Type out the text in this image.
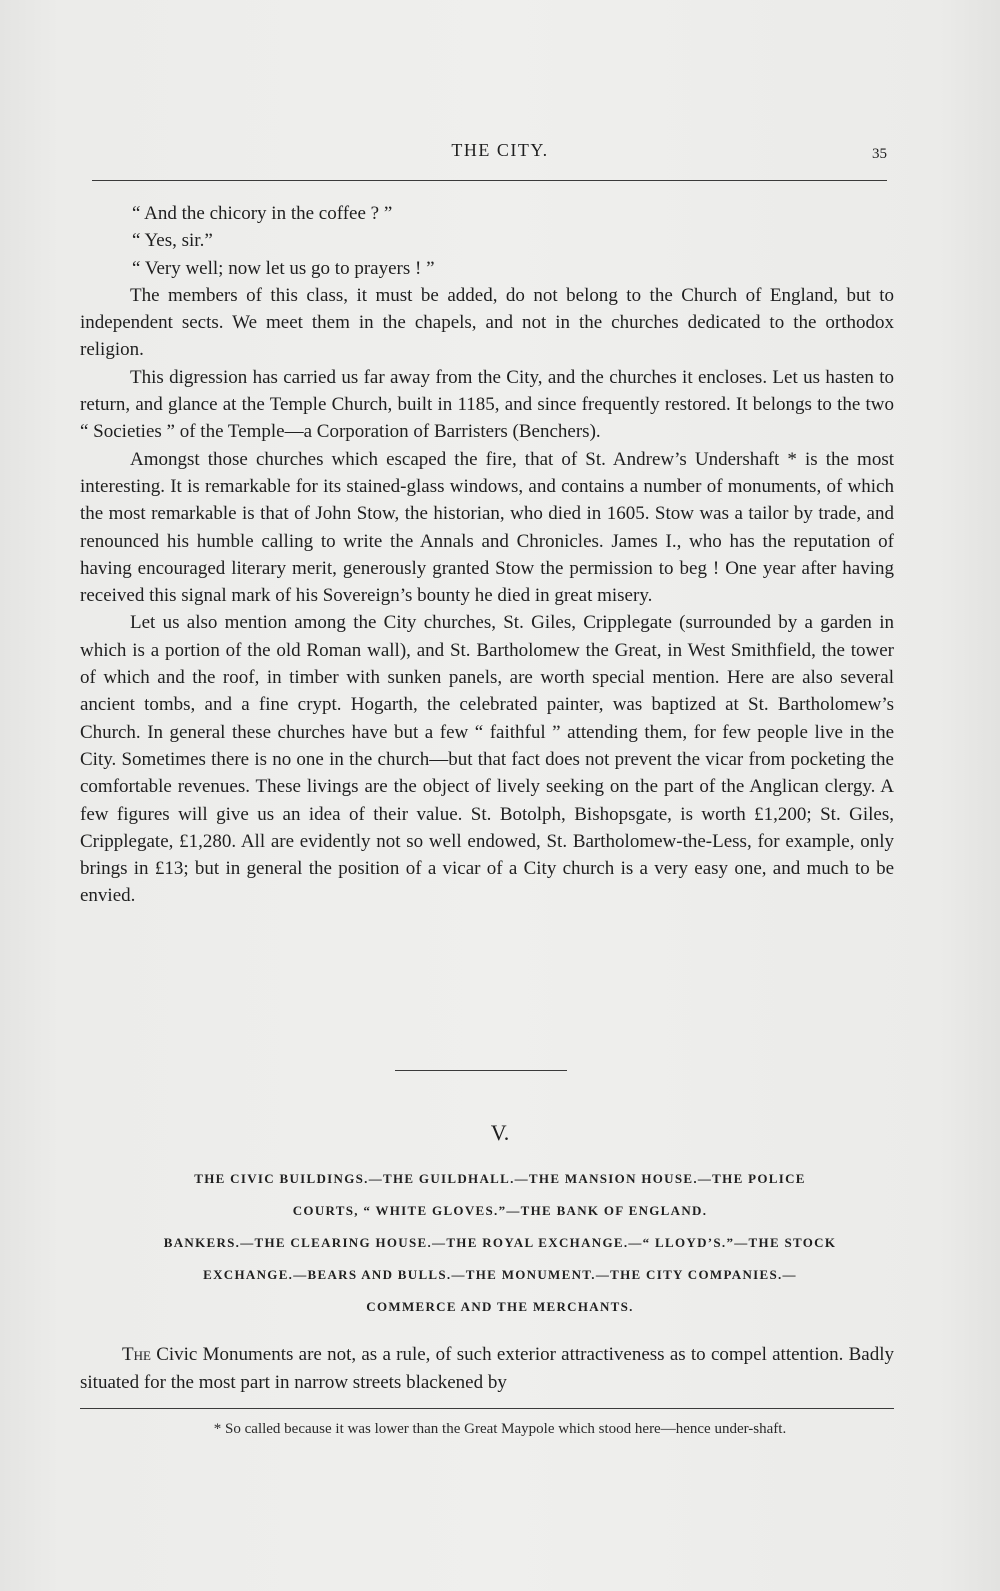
THE CITY.	35

“ And the chicory in the coffee ? ”

“ Yes, sir.”

“ Very well; now let us go to prayers ! ”

The members of this class, it must be added, do not belong to the Church of England, but to independent sects. We meet them in the chapels, and not in the churches dedicated to the orthodox religion.

This digression has carried us far away from the City, and the churches it encloses. Let us hasten to return, and glance at the Temple Church, built in 1185, and since frequently restored. It belongs to the two “ Societies ” of the Temple—a Corporation of Barristers (Benchers).

Amongst those churches which escaped the fire, that of St. Andrew’s Undershaft * is the most interesting. It is remarkable for its stained-glass windows, and contains a number of monuments, of which the most remarkable is that of John Stow, the historian, who died in 1605. Stow was a tailor by trade, and renounced his humble calling to write the Annals and Chronicles. James I., who has the reputation of having encouraged literary merit, generously granted Stow the permission to beg ! One year after having received this signal mark of his Sovereign’s bounty he died in great misery.

Let us also mention among the City churches, St. Giles, Cripplegate (surrounded by a garden in which is a portion of the old Roman wall), and St. Bartholomew the Great, in West Smithfield, the tower of which and the roof, in timber with sunken panels, are worth special mention. Here are also several ancient tombs, and a fine crypt. Hogarth, the celebrated painter, was baptized at St. Bartholomew’s Church. In general these churches have but a few “ faithful ” attending them, for few people live in the City. Sometimes there is no one in the church—but that fact does not prevent the vicar from pocketing the comfortable revenues. These livings are the object of lively seeking on the part of the Anglican clergy. A few figures will give us an idea of their value. St. Botolph, Bishopsgate, is worth £1,200; St. Giles, Cripplegate, £1,280. All are evidently not so well endowed, St. Bartholomew-the-Less, for example, only brings in £13; but in general the position of a vicar of a City church is a very easy one, and much to be envied.

V.
THE CIVIC BUILDINGS.—THE GUILDHALL.—THE MANSION HOUSE.—THE POLICE
COURTS, “ WHITE GLOVES.”—THE BANK OF ENGLAND.
BANKERS.—THE CLEARING HOUSE.—THE ROYAL EXCHANGE.—“ LLOYD’S.”—THE STOCK
EXCHANGE.—BEARS AND BULLS.—THE MONUMENT.—THE CITY COMPANIES.—
COMMERCE AND THE MERCHANTS.

The Civic Monuments are not, as a rule, of such exterior attractiveness as to compel attention. Badly situated for the most part in narrow streets blackened by

* So called because it was lower than the Great Maypole which stood here—hence under-shaft.
